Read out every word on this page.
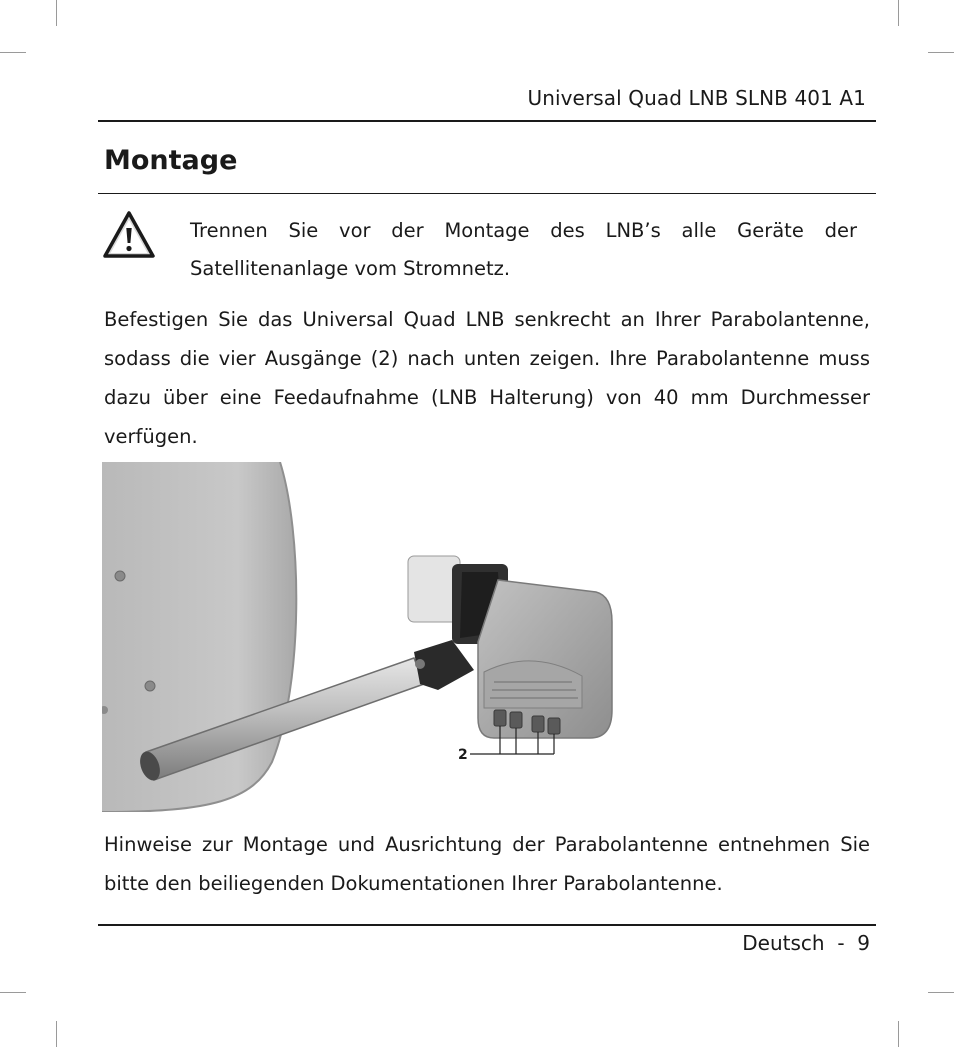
Universal Quad LNB SLNB 401 A1
Montage
Trennen Sie vor der Montage des LNB’s alle Geräte der Satellitenanlage vom Stromnetz.
Befestigen Sie das Universal Quad LNB senkrecht an Ihrer Parabolantenne, sodass die vier Ausgänge (2) nach unten zeigen. Ihre Parabolantenne muss dazu über eine Feedaufnahme (LNB Halterung) von 40 mm Durchmesser verfügen.
2
Hinweise zur Montage und Ausrichtung der Parabolantenne entnehmen Sie bitte den beiliegenden Dokumentationen Ihrer Parabolantenne.
Deutsch - 9
